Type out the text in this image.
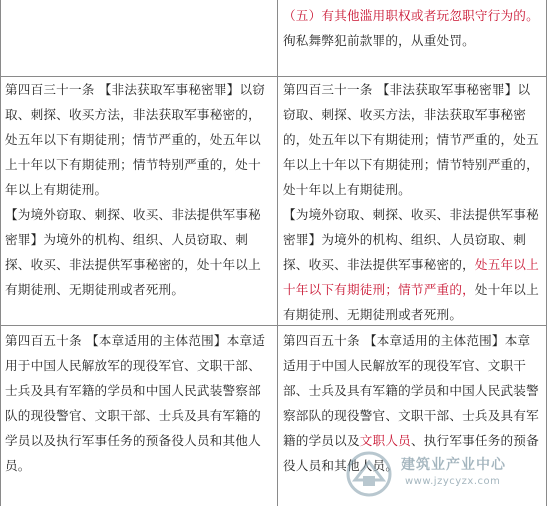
（五）有其他滥用职权或者玩忽职守行为的。

徇私舞弊犯前款罪的，从重处罚。

第四百三十一条 【非法获取军事秘密罪】以窃取、刺探、收买方法，非法获取军事秘密的，处五年以下有期徒刑；情节严重的，处五年以上十年以下有期徒刑；情节特别严重的，处十年以上有期徒刑。

【为境外窃取、刺探、收买、非法提供军事秘密罪】为境外的机构、组织、人员窃取、刺探、收买、非法提供军事秘密的，处十年以上有期徒刑、无期徒刑或者死刑。

第四百三十一条 【非法获取军事秘密罪】以窃取、刺探、收买方法，非法获取军事秘密的，处五年以下有期徒刑；情节严重的，处五年以上十年以下有期徒刑；情节特别严重的，处十年以上有期徒刑。

【为境外窃取、刺探、收买、非法提供军事秘密罪】为境外的机构、组织、人员窃取、刺探、收买、非法提供军事秘密的，处五年以上十年以下有期徒刑；情节严重的，处十年以上有期徒刑、无期徒刑或者死刑。

第四百五十条 【本章适用的主体范围】本章适用于中国人民解放军的现役军官、文职干部、士兵及具有军籍的学员和中国人民武装警察部队的现役警官、文职干部、士兵及具有军籍的学员以及执行军事任务的预备役人员和其他人员。

第四百五十条 【本章适用的主体范围】本章适用于中国人民解放军的现役军官、文职干部、士兵及具有军籍的学员和中国人民武装警察部队的现役警官、文职干部、士兵及具有军籍的学员以及文职人员、执行军事任务的预备役人员和其他人员。 建筑业产业中心
www.jzycyzx.com
